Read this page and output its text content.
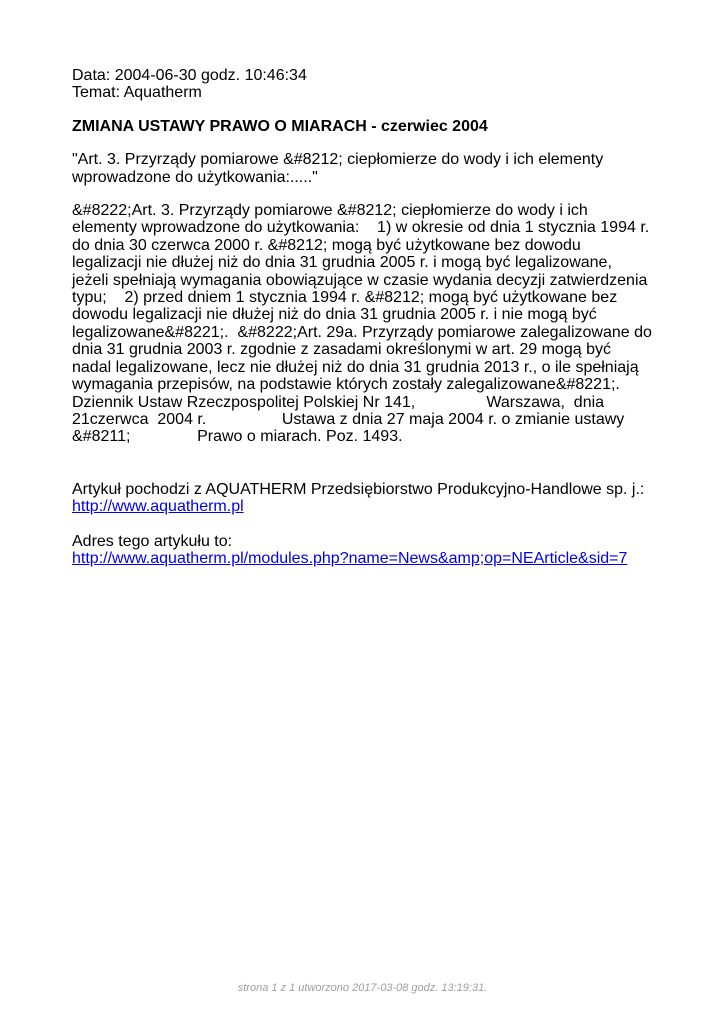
Data: 2004-06-30 godz. 10:46:34

Temat: Aquatherm

ZMIANA USTAWY PRAWO O MIARACH - czerwiec 2004

"Art. 3. Przyrządy pomiarowe &#8212; ciepłomierze do wody i ich elementy wprowadzone do użytkowania:....."

&#8222;Art. 3. Przyrządy pomiarowe &#8212; ciepłomierze do wody i ich elementy wprowadzone do użytkowania:    1) w okresie od dnia 1 stycznia 1994 r. do dnia 30 czerwca 2000 r. &#8212; mogą być użytkowane bez dowodu legalizacji nie dłużej niż do dnia 31 grudnia 2005 r. i mogą być legalizowane, jeżeli spełniają wymagania obowiązujące w czasie wydania decyzji zatwierdzenia typu;    2) przed dniem 1 stycznia 1994 r. &#8212; mogą być użytkowane bez dowodu legalizacji nie dłużej niż do dnia 31 grudnia 2005 r. i nie mogą być legalizowane&#8221;.  &#8222;Art. 29a. Przyrządy pomiarowe zalegalizowane do dnia 31 grudnia 2003 r. zgodnie z zasadami określonymi w art. 29 mogą być nadal legalizowane, lecz nie dłużej niż do dnia 31 grudnia 2013 r., o ile spełniają wymagania przepisów, na podstawie których zostały zalegalizowane&#8221;.          Dziennik Ustaw Rzeczpospolitej Polskiej Nr 141,                Warszawa,  dnia 21czerwca  2004 r.                 Ustawa z dnia 27 maja 2004 r. o zmianie ustawy &#8211;               Prawo o miarach. Poz. 1493.

Artykuł pochodzi z AQUATHERM Przedsiębiorstwo Produkcyjno-Handlowe sp. j.:

http://www.aquatherm.pl

Adres tego artykułu to:

http://www.aquatherm.pl/modules.php?name=News&amp;op=NEArticle&sid=7
strona 1 z 1 utworzono 2017-03-08 godz. 13:19:31.
